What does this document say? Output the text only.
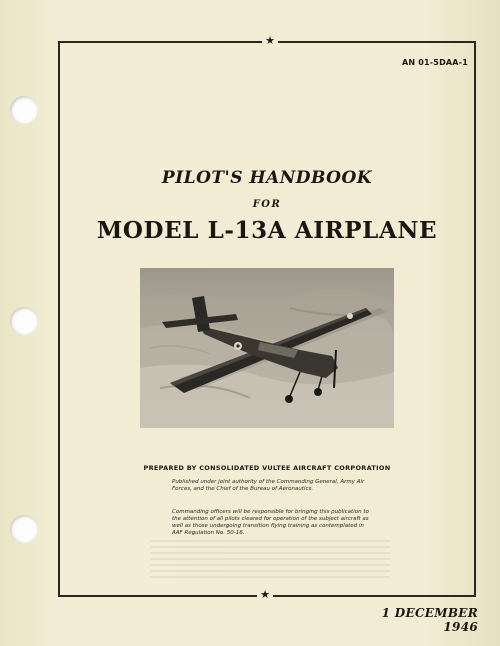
★
★
AN 01-5DAA-1
PILOT'S HANDBOOK
FOR
MODEL L-13A AIRPLANE
PREPARED BY CONSOLIDATED VULTEE AIRCRAFT CORPORATION
Published under joint authority of the Commanding General, Army Air Forces, and the Chief of the Bureau of Aeronautics.
Commanding officers will be responsible for bringing this publication to the attention of all pilots cleared for operation of the subject aircraft as well as those undergoing transition flying training as contemplated in AAF Regulation No. 50-16.
1 DECEMBER 1946
